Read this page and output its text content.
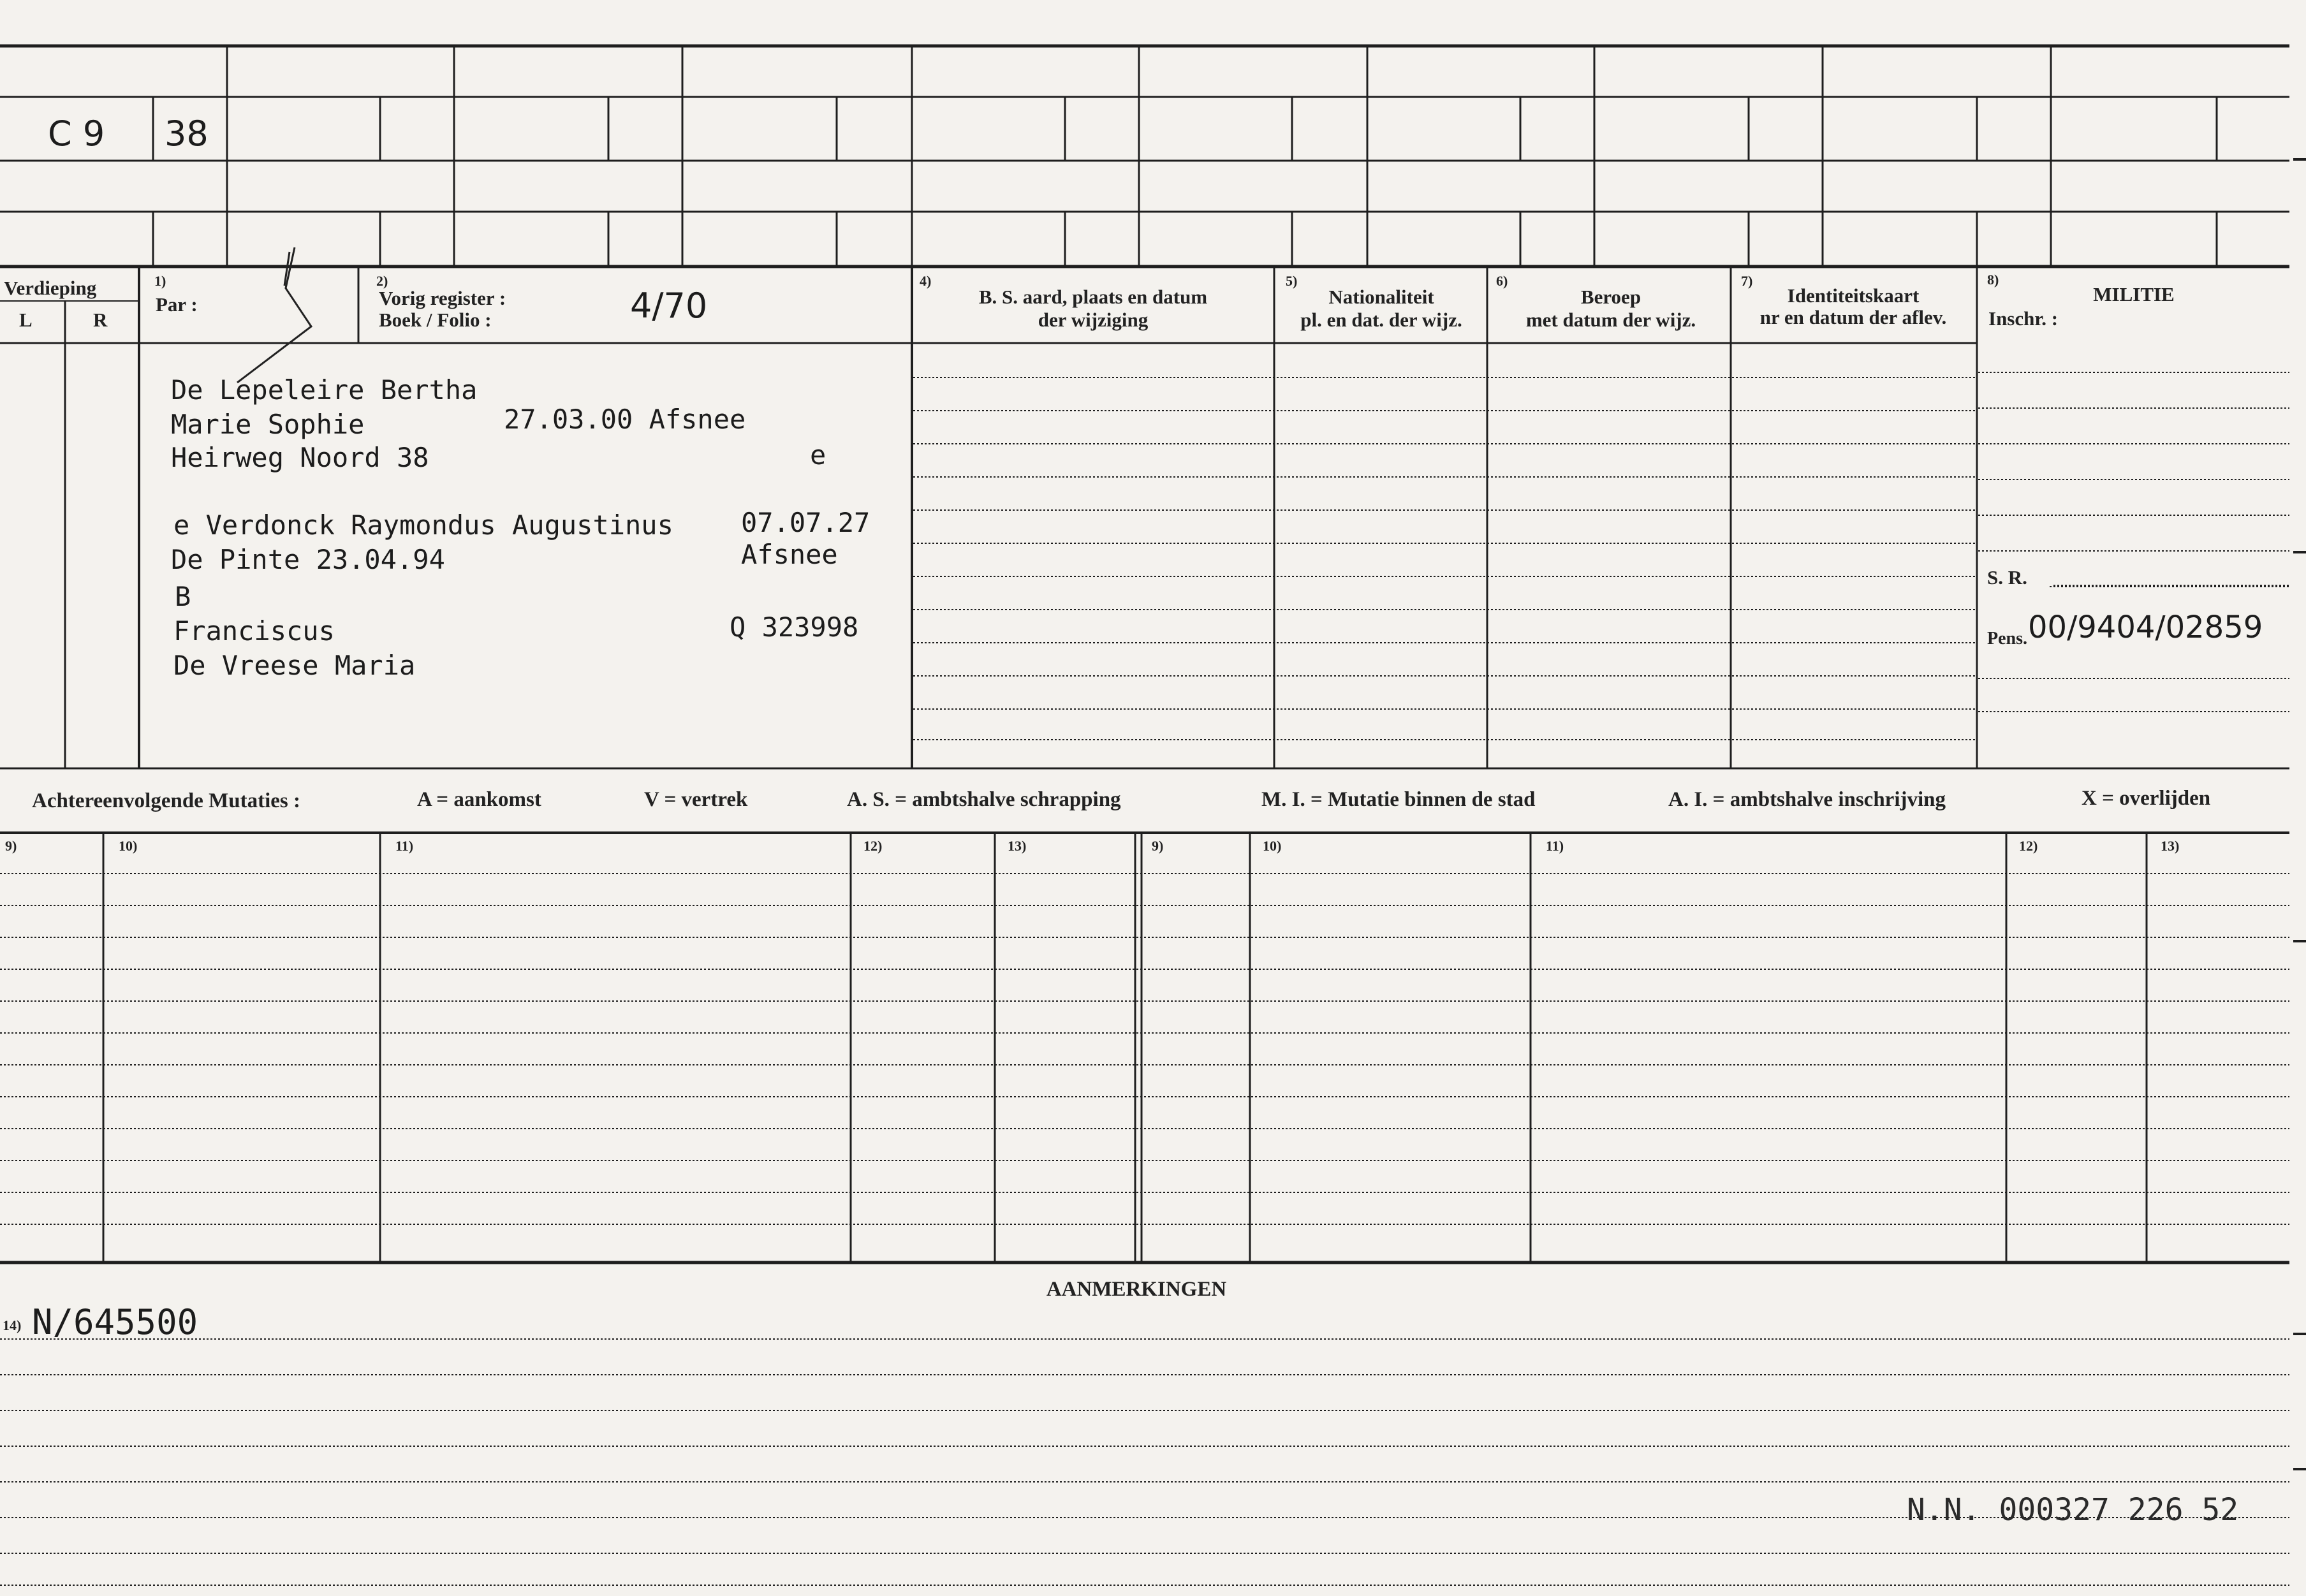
C 9 38
Verdieping
L	R
1)
Par :
2)
Vorig register :
Boek / Folio :	4/70
4)
B. S. aard, plaats en datum
der wijziging
5)
Nationaliteit
pl. en dat. der wijz.
6)
Beroep
met datum der wijz.
7)
Identiteitskaart
nr en datum der aflev.
8)
MILITIE
Inschr. :
De Lepeleire Bertha
Marie Sophie	27.03.00 Afsnee
Heirweg Noord 38	e
e Verdonck Raymondus Augustinus	07.07.27
Afsnee
De Pinte 23.04.94
B
Franciscus	Q 323998
De Vreese Maria
S. R.
Pens. 00/9404/02859
Achtereenvolgende Mutaties :	A = aankomst	V = vertrek	A. S. = ambtshalve schrapping	M. I. = Mutatie binnen de stad	A. I. = ambtshalve inschrijving	X = overlijden
9)	10)	11)	12)	13)	9)	10)	11)	12)	13)
AANMERKINGEN
14) N/645500
N.N. 000327 226 52
